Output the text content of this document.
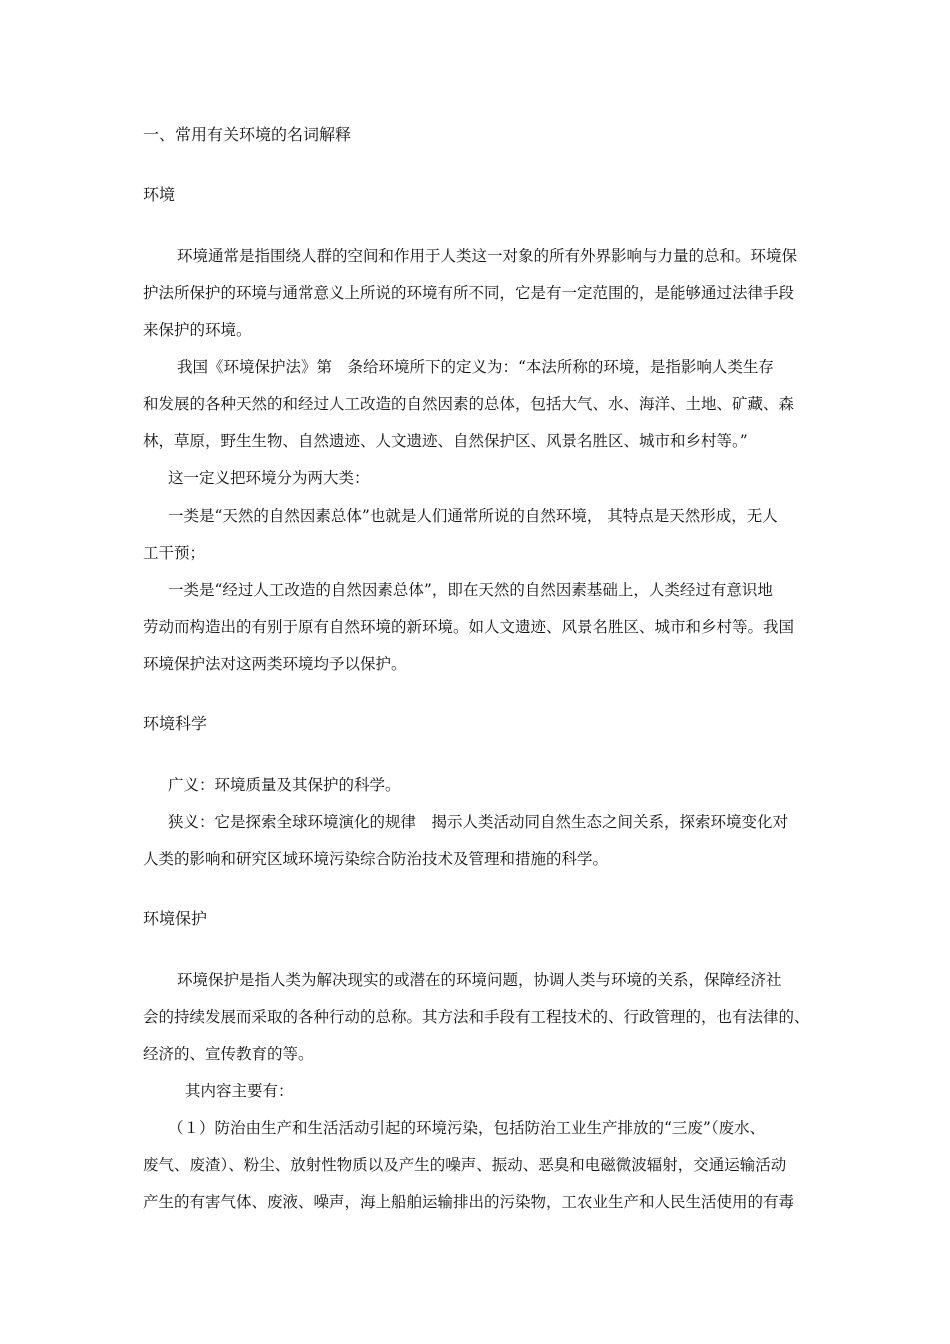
一、常用有关环境的名词解释
环境
环境通常是指围绕人群的空间和作用于人类这一对象的所有外界影响与力量的总和。环境保
护法所保护的环境与通常意义上所说的环境有所不同，它是有一定范围的，是能够通过法律手段
来保护的环境。
我国《环境保护法》第　条给环境所下的定义为：“本法所称的环境，是指影响人类生存
和发展的各种天然的和经过人工改造的自然因素的总体，包括大气、水、海洋、土地、矿藏、森
林，草原，野生生物、自然遗迹、人文遗迹、自然保护区、风景名胜区、城市和乡村等。”
这一定义把环境分为两大类：
一类是“天然的自然因素总体”也就是人们通常所说的自然环境， 其特点是天然形成，无人
工干预；
一类是“经过人工改造的自然因素总体”，即在天然的自然因素基础上，人类经过有意识地
劳动而构造出的有别于原有自然环境的新环境。如人文遗迹、风景名胜区、城市和乡村等。我国
环境保护法对这两类环境均予以保护。
环境科学
广义：环境质量及其保护的科学。
狭义：它是探索全球环境演化的规律　揭示人类活动同自然生态之间关系，探索环境变化对
人类的影响和研究区域环境污染综合防治技术及管理和措施的科学。
环境保护
环境保护是指人类为解决现实的或潜在的环境问题，协调人类与环境的关系，保障经济社
会的持续发展而采取的各种行动的总称。其方法和手段有工程技术的、行政管理的，也有法律的、
经济的、宣传教育的等。
其内容主要有：
（１）防治由生产和生活活动引起的环境污染，包括防治工业生产排放的“三废”（废水、
废气、废渣）、粉尘、放射性物质以及产生的噪声、振动、恶臭和电磁微波辐射，交通运输活动
产生的有害气体、废液、噪声，海上船舶运输排出的污染物，工农业生产和人民生活使用的有毒
